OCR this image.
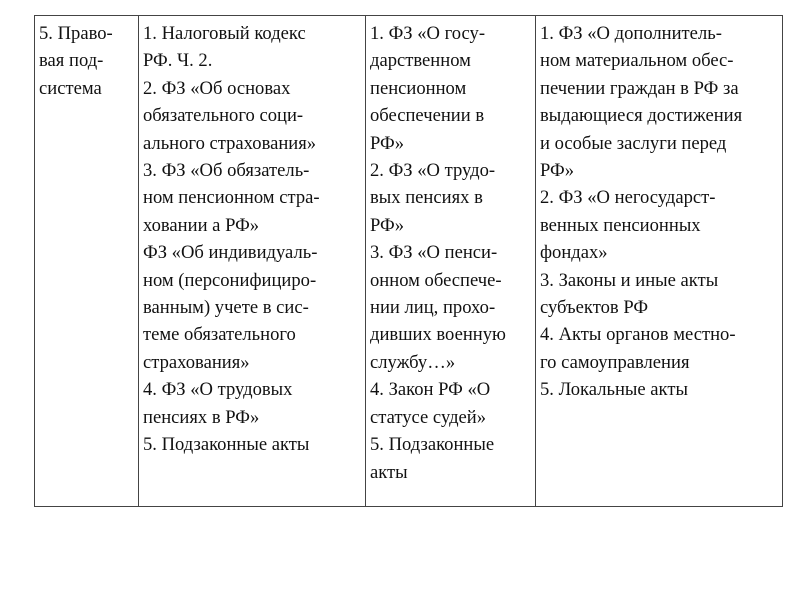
5. Право-
вая под-
система

1. Налоговый кодекс
РФ. Ч. 2.
2. ФЗ «Об основах
обязательного соци-
ального страхования»
3. ФЗ «Об обязатель-
ном пенсионном стра-
ховании а РФ»
ФЗ «Об индивидуаль-
ном (персонифициро-
ванным) учете в сис-
теме обязательного
страхования»
4. ФЗ «О трудовых
пенсиях в РФ»
5. Подзаконные акты

1. ФЗ «О госу-
дарственном
пенсионном
обеспечении в
РФ»
2. ФЗ «О трудо-
вых пенсиях в
РФ»
3. ФЗ «О пенси-
онном обеспече-
нии лиц, прохо-
дивших военную
службу…»
4. Закон РФ «О
статусе судей»
5. Подзаконные
акты

1. ФЗ «О дополнитель-
ном материальном обес-
печении граждан в РФ за
выдающиеся достижения
и особые заслуги перед
РФ»
2. ФЗ «О негосударст-
венных пенсионных
фондах»
3. Законы и иные акты
субъектов РФ
4. Акты органов местно-
го самоуправления
5. Локальные акты
